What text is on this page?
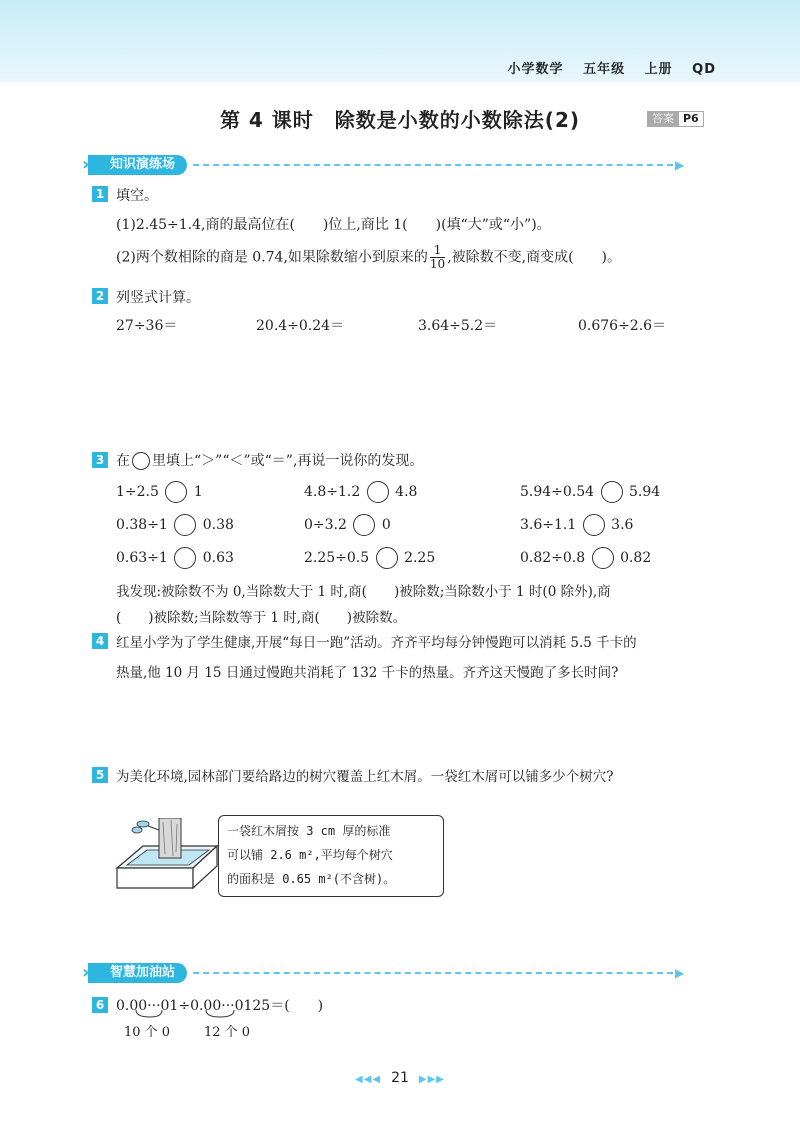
小学数学 五年级 上册 QD
第 4 课时　除数是小数的小数除法(2)	答案 P6
» 知识演练场	▶
1 填空。
(1)2.45÷1.4,商的最高位在(　　)位上,商比 1(　　)(填“大”或“小”)。
(2)两个数相除的商是 0.74,如果除数缩小到原来的 $\frac{1}{10}$ ,被除数不变,商变成(　　)。
2 列竖式计算。
27÷36＝	20.4÷0.24＝	3.64÷5.2＝	0.676÷2.6＝
3 在 里填上“＞”“＜”或“＝”,再说一说你的发现。
1÷2.5 1	4.8÷1.2 4.8	5.94÷0.54 5.94
0.38÷1 0.38	0÷3.2 0	3.6÷1.1 3.6
0.63÷1 0.63	2.25÷0.5 2.25	0.82÷0.8 0.82
我发现:被除数不为 0,当除数大于 1 时,商(　　)被除数;当除数小于 1 时(0 除外),商
(　　)被除数;当除数等于 1 时,商(　　)被除数。
4 红星小学为了学生健康,开展“每日一跑”活动。齐齐平均每分钟慢跑可以消耗 5.5 千卡的
热量,他 10 月 15 日通过慢跑共消耗了 132 千卡的热量。齐齐这天慢跑了多长时间?
5 为美化环境,园林部门要给路边的树穴覆盖上红木屑。一袋红木屑可以铺多少个树穴?
一袋红木屑按 3 cm 厚的标准
可以铺 2.6 m²,平均每个树穴
的面积是 0.65 m²(不含树)。
» 智慧加油站	▶
6 0.00···01÷0.00···0125＝(　　)
10 个 0	12 个 0
◀◀◀ 21 ▶▶▶
